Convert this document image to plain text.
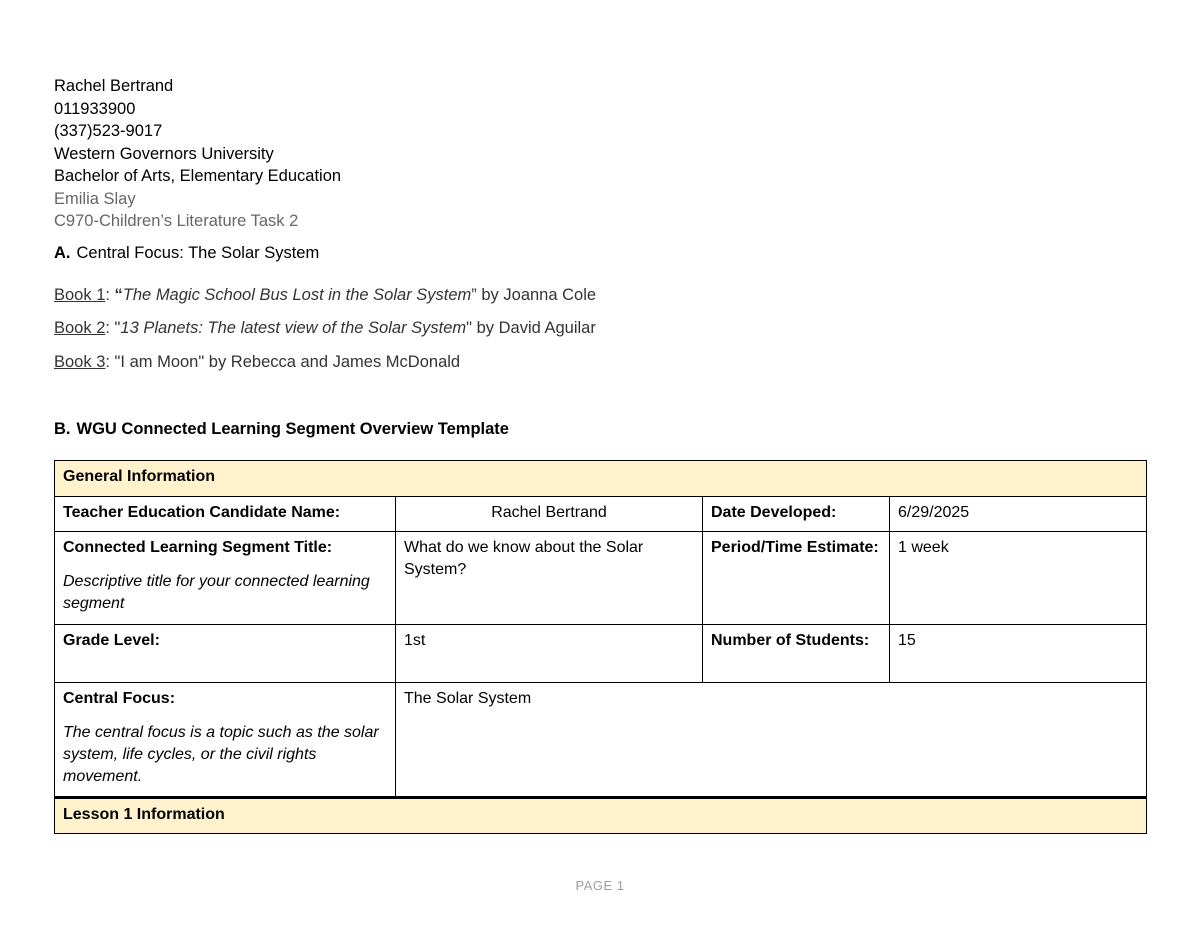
Rachel Bertrand
011933900
(337)523-9017
Western Governors University
Bachelor of Arts, Elementary Education
Emilia Slay
C970-Children’s Literature Task 2
A. Central Focus: The Solar System
Book 1: “The Magic School Bus Lost in the Solar System” by Joanna Cole
Book 2: "13 Planets: The latest view of the Solar System" by David Aguilar
Book 3: "I am Moon" by Rebecca and James McDonald
B. WGU Connected Learning Segment Overview Template
General Information			
Teacher Education Candidate Name:	Rachel Bertrand	Date Developed:	6/29/2025

Connected Learning Segment Title:
Descriptive title for your connected learning segment	What do we know about the Solar System?	Period/Time Estimate:	1 week
Grade Level:	1st	Number of Students:	15

Central Focus:
The central focus is a topic such as the solar system, life cycles, or the civil rights movement.	The Solar System		
Lesson 1 Information			
PAGE 1
